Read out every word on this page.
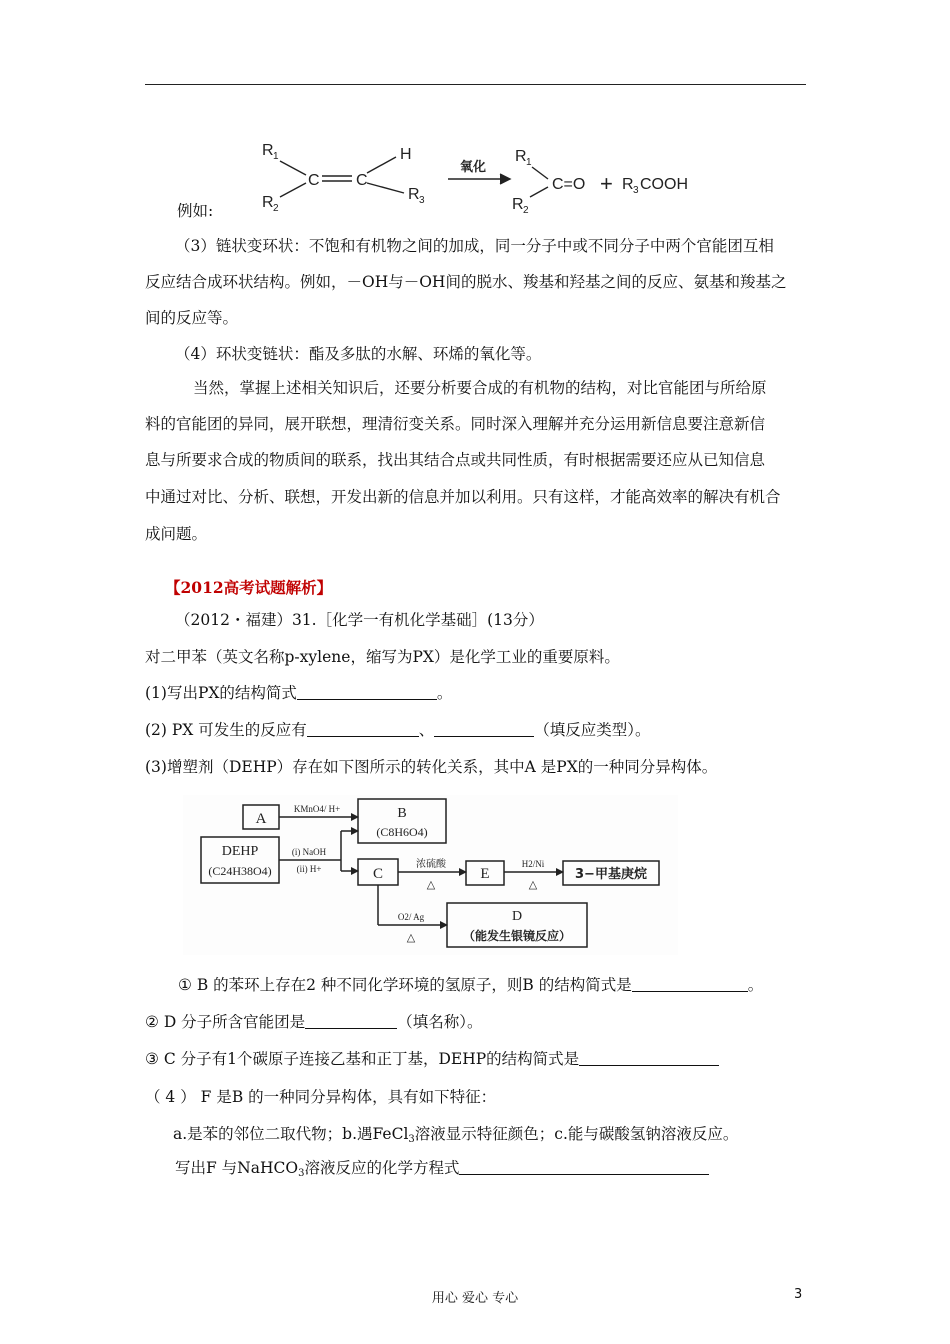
R 1
R 2
C C
H
R 3
氧化
R 1
R 2
C=O + R 3 COOH
例如:
（3）链状变环状：不饱和有机物之间的加成，同一分子中或不同分子中两个官能团互相
反应结合成环状结构。例如，－OH与－OH间的脱水、羧基和羟基之间的反应、氨基和羧基之
间的反应等。
（4）环状变链状：酯及多肽的水解、环烯的氧化等。
当然，掌握上述相关知识后，还要分析要合成的有机物的结构，对比官能团与所给原
料的官能团的异同，展开联想，理清衍变关系。同时深入理解并充分运用新信息要注意新信
息与所要求合成的物质间的联系，找出其结合点或共同性质，有时根据需要还应从已知信息
中通过对比、分析、联想，开发出新的信息并加以利用。只有这样，才能高效率的解决有机合
成问题。
【2012高考试题解析】
（2012・福建）31.［化学一有机化学基础］(13分）
对二甲苯（英文名称p-xylene，缩写为PX）是化学工业的重要原料。
(1)写出PX的结构简式	。
(2) PX 可发生的反应有	、	（填反应类型）。
(3)增塑剂（DEHP）存在如下图所示的转化关系，其中A 是PX的一种同分异构体。
A	B
(C8H6O4)
DEHP
(C24H38O4)	C	E	3−甲基庚烷
D
（能发生银镜反应）
KMnO4/ H+
(i) NaOH
(ii) H+	浓硫酸
△
H2/Ni
△
O2/ Ag
△
① B 的苯环上存在2 种不同化学环境的氢原子，则B 的结构简式是	。
② D 分子所含官能团是	（填名称）。
③ C 分子有1个碳原子连接乙基和正丁基，DEHP的结构简式是
（ 4 ） F 是B 的一种同分异构体，具有如下特征：
a.是苯的邻位二取代物；b.遇FeCl$_3$溶液显示特征颜色；c.能与碳酸氢钠溶液反应。
写出F 与NaHCO$_3$溶液反应的化学方程式
用心 爱心 专心	3
